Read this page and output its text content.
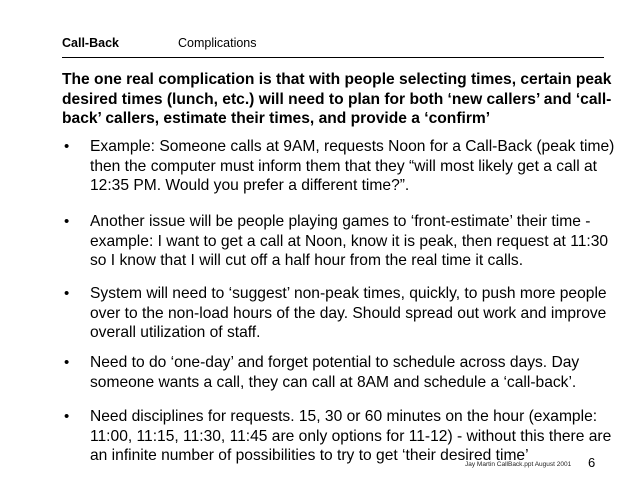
Call-Back	Complications
The one real complication is that with people selecting times, certain peak desired times (lunch, etc.) will need to plan for both ‘new callers’ and ‘call-back’ callers, estimate their times, and provide a ‘confirm’
• Example: Someone calls at 9AM, requests Noon for a Call-Back (peak time) then the computer must inform them that they “will most likely get a call at 12:35 PM. Would you prefer a different time?”.
• Another issue will be people playing games to ‘front-estimate’ their time - example: I want to get a call at Noon, know it is peak, then request at 11:30 so I know that I will cut off a half hour from the real time it calls.
• System will need to ‘suggest’ non-peak times, quickly, to push more people over to the non-load hours of the day. Should spread out work and improve overall utilization of staff.
• Need to do ‘one-day’ and forget potential to schedule across days. Day someone wants a call, they can call at 8AM and schedule a ‘call-back’.
• Need disciplines for requests. 15, 30 or 60 minutes on the hour (example: 11:00, 11:15, 11:30, 11:45 are only options for 11-12) - without this there are an infinite number of possibilities to try to get ‘their desired time’
Jay Martin CallBack.ppt August 2001 6
